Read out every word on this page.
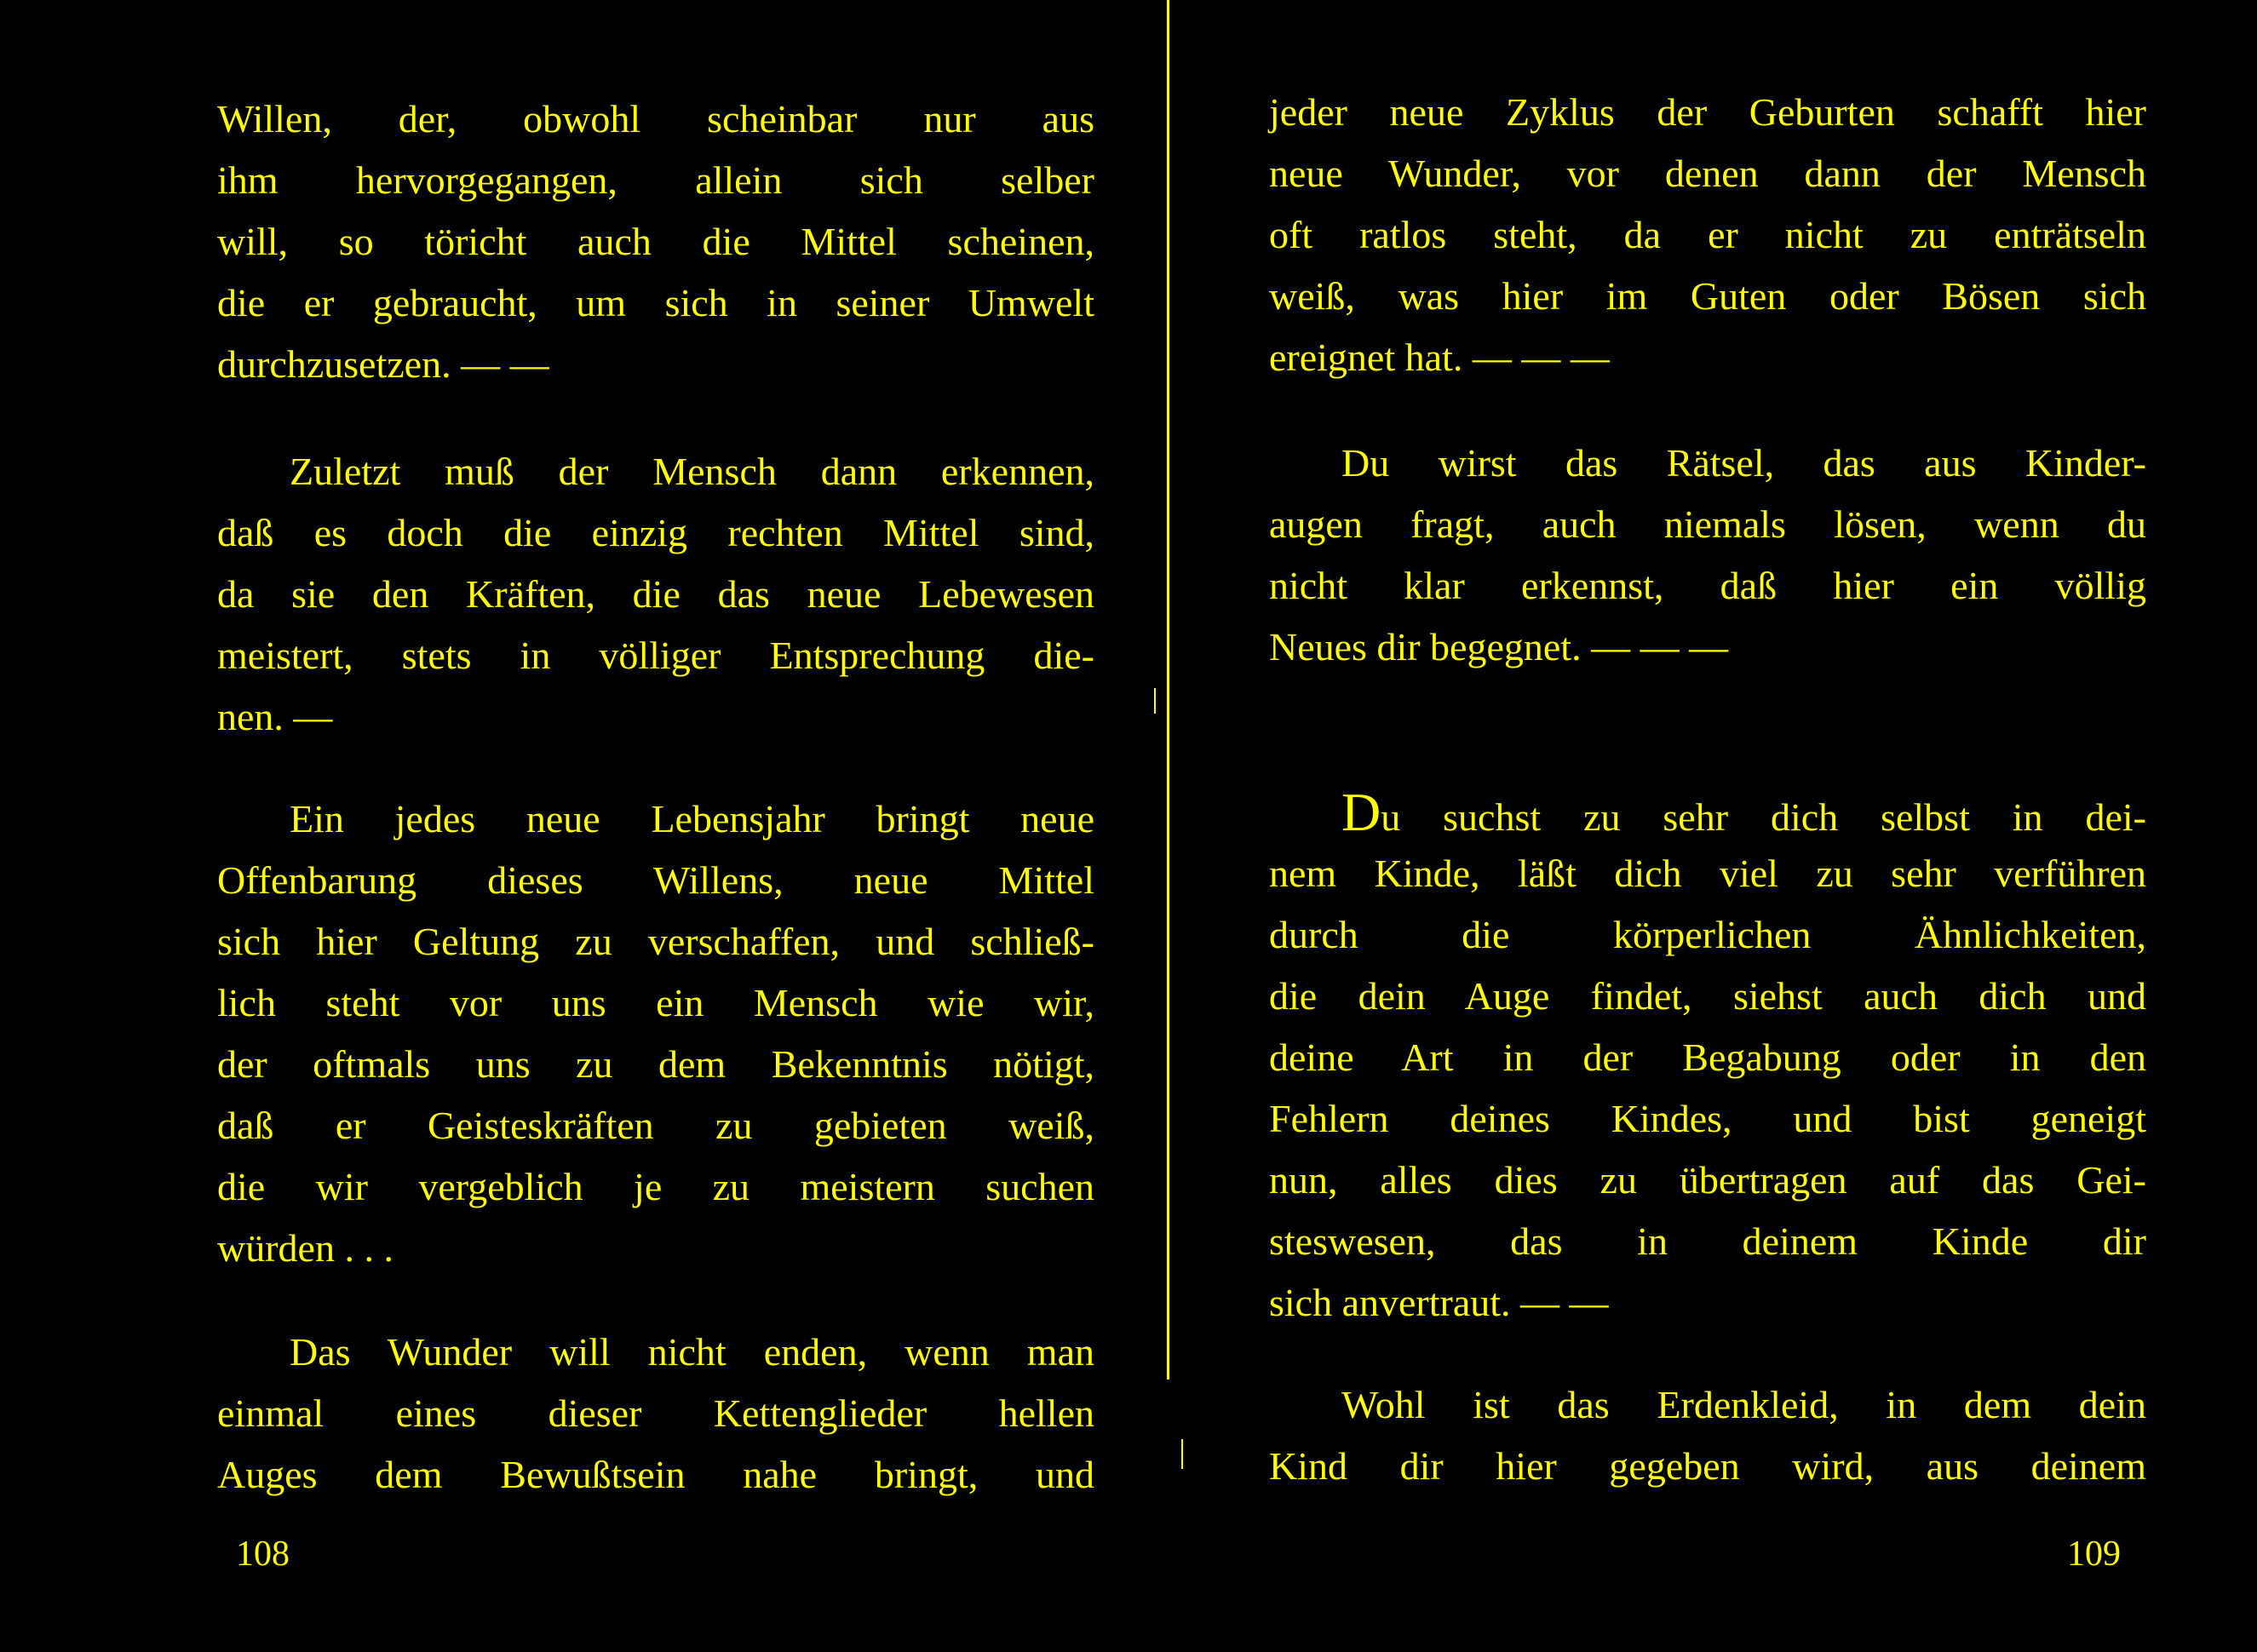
Willen, der, obwohl scheinbar nur aus
ihm hervorgegangen, allein sich selber
will, so töricht auch die Mittel scheinen,
die er gebraucht, um sich in seiner Umwelt
durchzusetzen. — —
Zuletzt muß der Mensch dann erkennen,
daß es doch die einzig rechten Mittel sind,
da sie den Kräften, die das neue Lebewesen
meistert, stets in völliger Entsprechung die-
nen. —
Ein jedes neue Lebensjahr bringt neue
Offenbarung dieses Willens, neue Mittel
sich hier Geltung zu verschaffen, und schließ-
lich steht vor uns ein Mensch wie wir,
der oftmals uns zu dem Bekenntnis nötigt,
daß er Geisteskräften zu gebieten weiß,
die wir vergeblich je zu meistern suchen
würden . . .
Das Wunder will nicht enden, wenn man
einmal eines dieser Kettenglieder hellen
Auges dem Bewußtsein nahe bringt, und
108
jeder neue Zyklus der Geburten schafft hier
neue Wunder, vor denen dann der Mensch
oft ratlos steht, da er nicht zu enträtseln
weiß, was hier im Guten oder Bösen sich
ereignet hat. — — —
Du wirst das Rätsel, das aus Kinder-
augen fragt, auch niemals lösen, wenn du
nicht klar erkennst, daß hier ein völlig
Neues dir begegnet. — — —
Du suchst zu sehr dich selbst in dei-
nem Kinde, läßt dich viel zu sehr verführen
durch die körperlichen Ähnlichkeiten,
die dein Auge findet, siehst auch dich und
deine Art in der Begabung oder in den
Fehlern deines Kindes, und bist geneigt
nun, alles dies zu übertragen auf das Gei-
steswesen, das in deinem Kinde dir
sich anvertraut. — —
Wohl ist das Erdenkleid, in dem dein
Kind dir hier gegeben wird, aus deinem
109
